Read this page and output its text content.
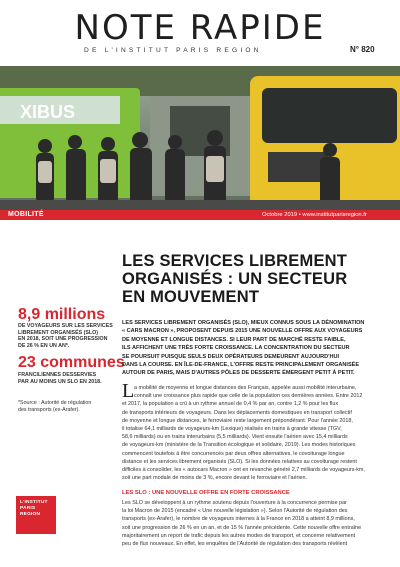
NOTE RAPIDE
DE L'INSTITUT PARIS REGION	N° 820
XIBUS
MOBILITÉ	Octobre 2019 • www.institutparisregion.fr
LES SERVICES LIBREMENT
ORGANISÉS : UN SECTEUR
EN MOUVEMENT
8,9 millions
DE VOYAGEURS SUR LES SERVICES
LIBREMENT ORGANISÉS (SLO)
EN 2018, SOIT UNE PROGRESSION
DE 26 % EN UN AN*.
23 communes
FRANCILIENNES DESSERVIES
PAR AU MOINS UN SLO EN 2018.
*Source : Autorité de régulation
des transports (ex-Arafer).
L'INSTITUT
PARIS
REGION
LES SERVICES LIBREMENT ORGANISÉS (SLO), MIEUX CONNUS SOUS LA DÉNOMINATION
« CARS MACRON », PROPOSENT DEPUIS 2015 UNE NOUVELLE OFFRE AUX VOYAGEURS
DE MOYENNE ET LONGUE DISTANCES. SI LEUR PART DE MARCHÉ RESTE FAIBLE,
ILS AFFICHENT UNE TRÈS FORTE CROISSANCE. LA CONCENTRATION DU SECTEUR
SE POURSUIT PUISQUE SEULS DEUX OPÉRATEURS DEMEURENT AUJOURD'HUI
DANS LA COURSE. EN ÎLE-DE-FRANCE, L'OFFRE RESTE PRINCIPALEMENT ORGANISÉE
AUTOUR DE PARIS, MAIS D'AUTRES PÔLES DE DESSERTE ÉMERGENT PETIT À PETIT.
L a mobilité de moyenne et longue distances des Français, appelée aussi mobilité interurbaine,
connaît une croissance plus rapide que celle de la population ces dernières années. Entre 2012
et 2017, la population a crû à un rythme annuel de 0,4 % par an, contre 1,2 % pour les flux
de transports intérieurs de voyageurs. Dans les déplacements domestiques en transport collectif
de moyenne et longue distances, le ferroviaire reste largement prépondérant. Pour l'année 2018,
il totalise 64,1 milliards de voyageurs-km (Lexique) réalisés en trains à grande vitesse (TGV,
58,6 milliards) ou en trains interurbains (5,5 milliards). Vient ensuite l'aérien avec 15,4 milliards
de voyageurs-km (ministère de la Transition écologique et solidaire, 2019). Les modes historiques
commencent toutefois à être concurrencés par deux offres alternatives, le covoiturage longue
distance et les services librement organisés (SLO). Si les données relatives au covoiturage restent
difficiles à consolider, les « autocars Macron » ont en revanche généré 2,7 milliards de voyageurs-km,
soit une part modale de moins de 3 %, encore devant le ferroviaire et l'aérien.
LES SLO : UNE NOUVELLE OFFRE EN FORTE CROISSANCE
Les SLO se développent à un rythme soutenu depuis l'ouverture à la concurrence permise par
la loi Macron de 2015 (encadré « Une nouvelle législation »). Selon l'Autorité de régulation des
transports (ex-Arafer), le nombre de voyageurs internes à la France en 2018 a atteint 8,9 millions,
soit une progression de 26 % en un an, et de 15 % l'année précédente. Cette nouvelle offre entraîne
majoritairement un report de trafic depuis les autres modes de transport, et concerne relativement
peu de flux nouveaux. En effet, les enquêtes de l'Autorité de régulation des transports révèlent
